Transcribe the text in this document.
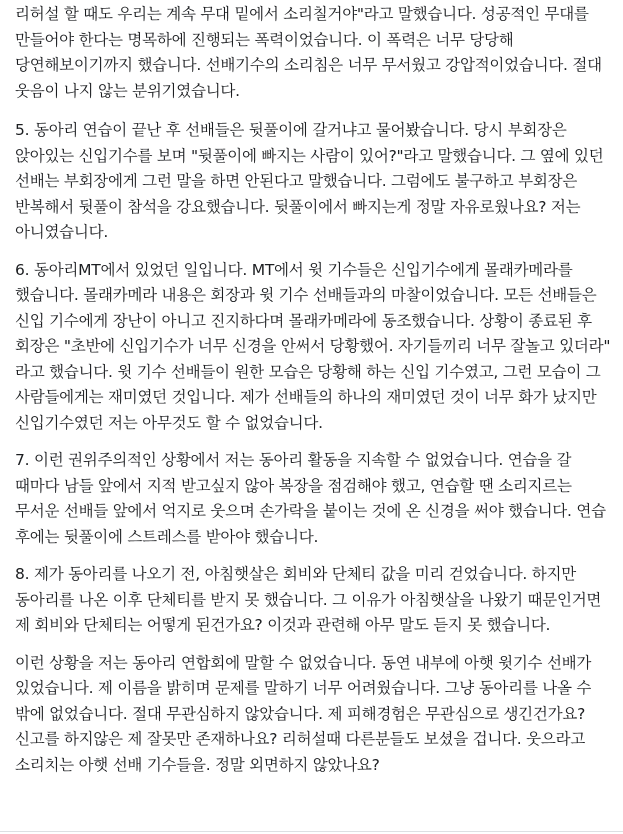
리허설 할 때도 우리는 계속 무대 밑에서 소리칠거야"라고 말했습니다. 성공적인 무대를 만들어야 한다는 명목하에 진행되는 폭력이었습니다. 이 폭력은 너무 당당해 당연해보이기까지 했습니다. 선배기수의 소리침은 너무 무서웠고 강압적이었습니다. 절대 웃음이 나지 않는 분위기였습니다.

5. 동아리 연습이 끝난 후 선배들은 뒷풀이에 갈거냐고 물어봤습니다. 당시 부회장은 앉아있는 신입기수를 보며 "뒷풀이에 빠지는 사람이 있어?"라고 말했습니다. 그 옆에 있던 선배는 부회장에게 그런 말을 하면 안된다고 말했습니다. 그럼에도 불구하고 부회장은 반복해서 뒷풀이 참석을 강요했습니다. 뒷풀이에서 빠지는게 정말 자유로웠나요? 저는 아니였습니다.

6. 동아리MT에서 있었던 일입니다. MT에서 윗 기수들은 신입기수에게 몰래카메라를 했습니다. 몰래카메라 내용은 회장과 윗 기수 선배들과의 마찰이었습니다. 모든 선배들은 신입 기수에게 장난이 아니고 진지하다며 몰래카메라에 동조했습니다. 상황이 종료된 후 회장은 "초반에 신입기수가 너무 신경을 안써서 당황했어. 자기들끼리 너무 잘놀고 있더라" 라고 했습니다. 윗 기수 선배들이 원한 모습은 당황해 하는 신입 기수였고, 그런 모습이 그 사람들에게는 재미였던 것입니다. 제가 선배들의 하나의 재미였던 것이 너무 화가 났지만 신입기수였던 저는 아무것도 할 수 없었습니다.

7. 이런 권위주의적인 상황에서 저는 동아리 활동을 지속할 수 없었습니다. 연습을 갈 때마다 남들 앞에서 지적 받고싶지 않아 복장을 점검해야 했고, 연습할 땐 소리지르는 무서운 선배들 앞에서 억지로 웃으며 손가락을 붙이는 것에 온 신경을 써야 했습니다. 연습 후에는 뒷풀이에 스트레스를 받아야 했습니다.

8. 제가 동아리를 나오기 전, 아침햇살은 회비와 단체티 값을 미리 걷었습니다. 하지만 동아리를 나온 이후 단체티를 받지 못 했습니다. 그 이유가 아침햇살을 나왔기 때문인거면 제 회비와 단체티는 어떻게 된건가요? 이것과 관련해 아무 말도 듣지 못 했습니다.

이런 상황을 저는 동아리 연합회에 말할 수 없었습니다. 동연 내부에 아햇 윗기수 선배가 있었습니다. 제 이름을 밝히며 문제를 말하기 너무 어려웠습니다. 그냥 동아리를 나올 수 밖에 없었습니다. 절대 무관심하지 않았습니다. 제 피해경험은 무관심으로 생긴건가요? 신고를 하지않은 제 잘못만 존재하나요? 리허설때 다른분들도 보셨을 겁니다. 웃으라고 소리치는 아햇 선배 기수들을. 정말 외면하지 않았나요?
